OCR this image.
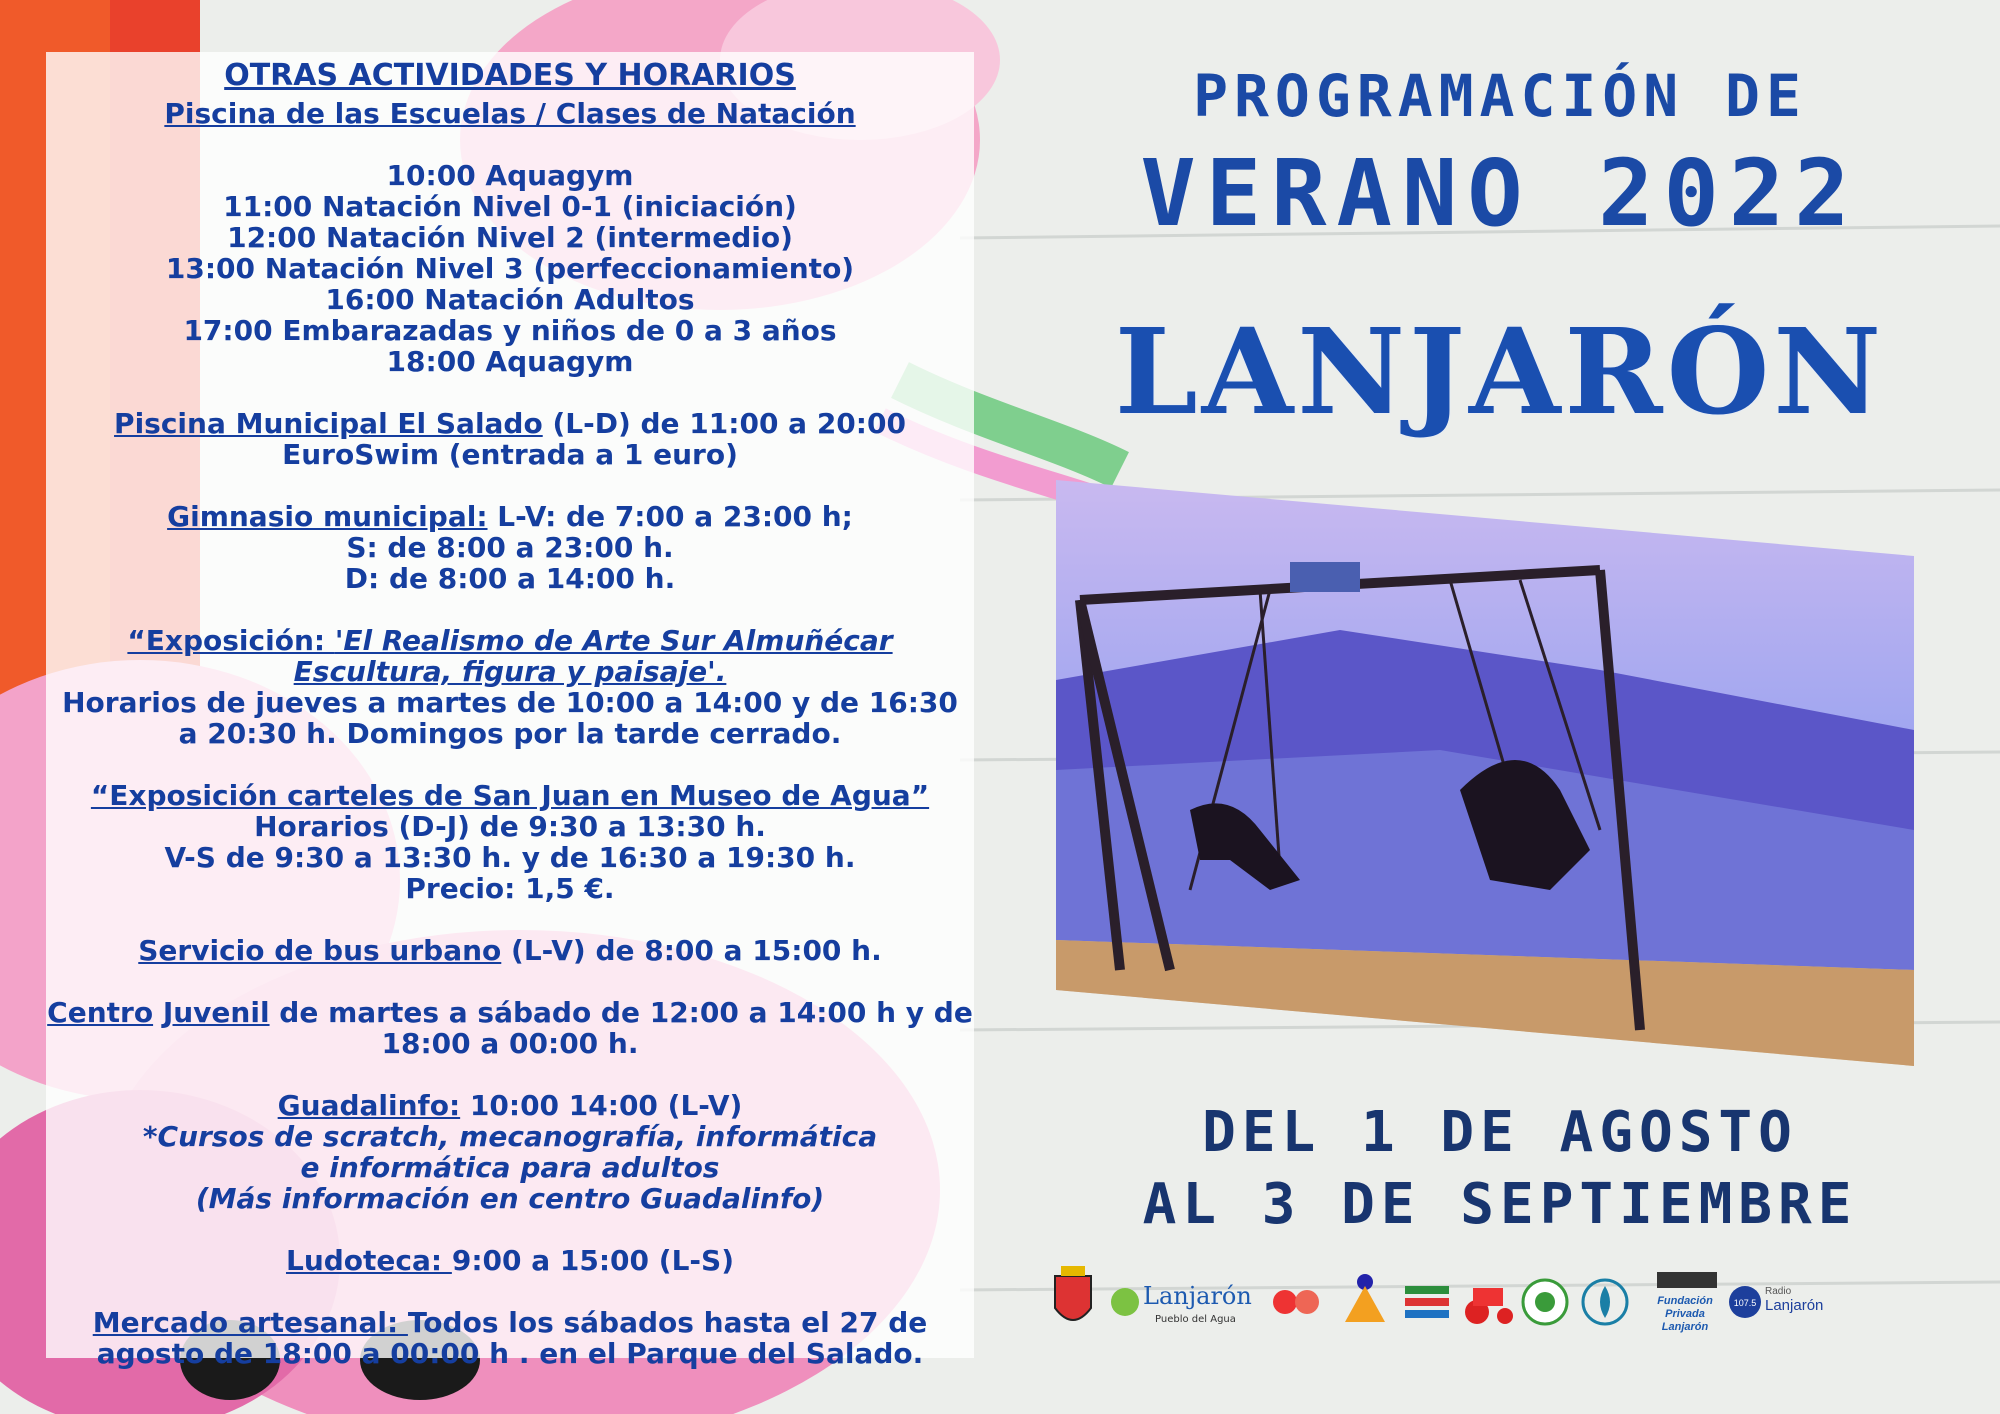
OTRAS ACTIVIDADES Y HORARIOS
Piscina de las Escuelas / Clases de Natación
10:00 Aquagym
11:00 Natación Nivel 0-1 (iniciación)
12:00 Natación Nivel 2 (intermedio)
13:00 Natación Nivel 3 (perfeccionamiento)
16:00 Natación Adultos
17:00 Embarazadas y niños de 0 a 3 años
18:00 Aquagym
Piscina Municipal El Salado (L-D) de 11:00 a 20:00
EuroSwim (entrada a 1 euro)
Gimnasio municipal: L-V: de 7:00 a 23:00 h;
S: de 8:00 a 23:00 h.
D: de 8:00 a 14:00 h.
“Exposición: 'El Realismo de Arte Sur Almuñécar
Escultura, figura y paisaje'.
Horarios de jueves a martes de 10:00 a 14:00 y de 16:30
a 20:30 h. Domingos por la tarde cerrado.
“Exposición carteles de San Juan en Museo de Agua”
Horarios (D-J) de 9:30 a 13:30 h.
V-S de 9:30 a 13:30 h. y de 16:30 a 19:30 h.
Precio: 1,5 €.
Servicio de bus urbano (L-V) de 8:00 a 15:00 h.
Centro Juvenil de martes a sábado de 12:00 a 14:00 h y de
18:00 a 00:00 h.
Guadalinfo: 10:00 14:00 (L-V)
*Cursos de scratch, mecanografía, informática
e informática para adultos
(Más información en centro Guadalinfo)
Ludoteca: 9:00 a 15:00 (L-S)
Mercado artesanal: Todos los sábados hasta el 27 de
agosto de 18:00 a 00:00 h . en el Parque del Salado.
PROGRAMACIÓN DE
VERANO 2022
LANJARÓN
DEL 1 DE AGOSTO
AL 3 DE SEPTIEMBRE
Lanjarón
Pueblo del Agua
Fundación
Privada
Lanjarón
107.5
Radio
Lanjarón
